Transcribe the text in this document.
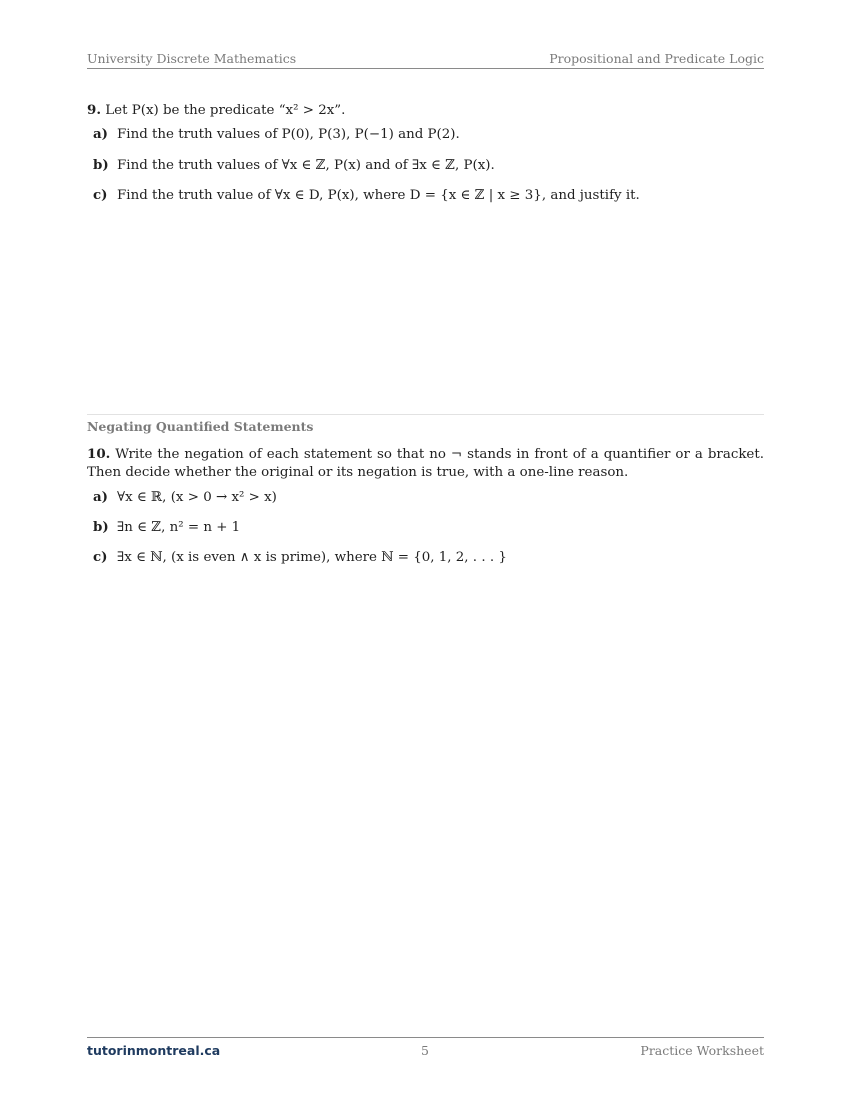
University Discrete Mathematics	Propositional and Predicate Logic
9. Let P(x) be the predicate “x² > 2x”.
a) Find the truth values of P(0), P(3), P(−1) and P(2).
b) Find the truth values of ∀x ∈ ℤ, P(x) and of ∃x ∈ ℤ, P(x).
c) Find the truth value of ∀x ∈ D, P(x), where D = {x ∈ ℤ | x ≥ 3}, and justify it.
Negating Quantified Statements
10. Write the negation of each statement so that no ¬ stands in front of a quantifier or a bracket. Then decide whether the original or its negation is true, with a one-line reason.
a) ∀x ∈ ℝ, (x > 0 → x² > x)
b) ∃n ∈ ℤ, n² = n + 1
c) ∃x ∈ ℕ, (x is even ∧ x is prime), where ℕ = {0, 1, 2, . . . }
tutorinmontreal.ca	5	Practice Worksheet
